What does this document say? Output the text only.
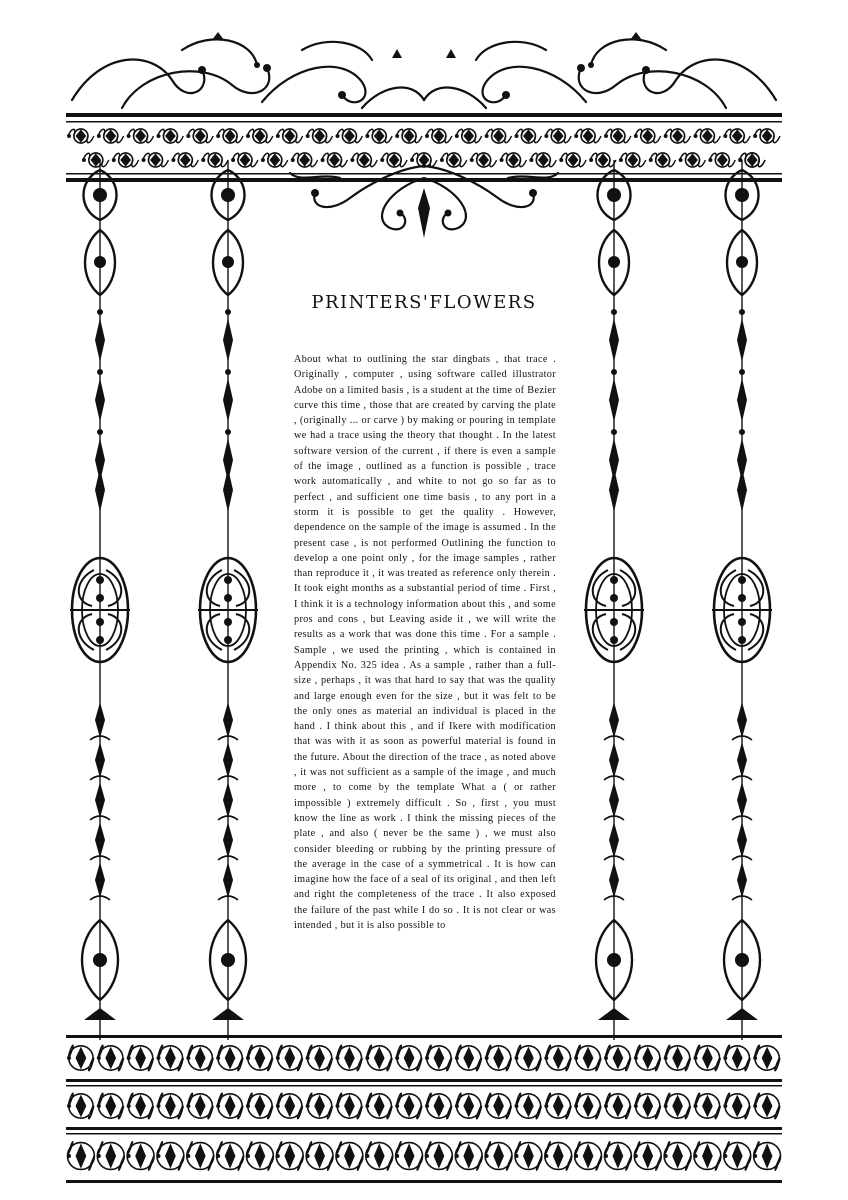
PRINTERS'FLOWERS

About what to outlining the star dingbats , that trace . Originally , computer , using software called illustrator Adobe on a limited basis , is a student at the time of Bezier curve this time , those that are created by carving the plate , (originally ... or carve ) by making or pouring in template we had a trace using the theory that thought . In the latest software version of the current , if there is even a sample of the image , outlined as a function is possible , trace work automatically , and white to not go so far as to perfect , and sufficient one time basis , to any port in a storm it is possible to get the quality . However, dependence on the sample of the image is assumed . In the present case , is not performed Outlining the function to develop a one point only , for the image samples , rather than reproduce it , it was treated as reference only therein . It took eight months as a substantial period of time . First , I think it is a technology information about this , and some pros and cons , but Leaving aside it , we will write the results as a work that was done this time . For a sample . Sample , we used the printing , which is contained in Appendix No. 325 idea . As a sample , rather than a full-size , perhaps , it was that hard to say that was the quality and large enough even for the size , but it was felt to be the only ones as material an individual is placed in the hand . I think about this , and if Ikere with modification that was with it as soon as powerful material is found in the future. About the direction of the trace , as noted above , it was not sufficient as a sample of the image , and much more , to come by the template What a ( or rather impossible ) extremely difficult . So , first , you must know the line as work . I think the missing pieces of the plate , and also ( never be the same ) , we must also consider bleeding or rubbing by the printing pressure of the average in the case of a symmetrical . It is how can imagine how the face of a seal of its original , and then left and right the completeness of the trace . It also exposed the failure of the past while I do so . It is not clear or was intended , but it is also possible to
